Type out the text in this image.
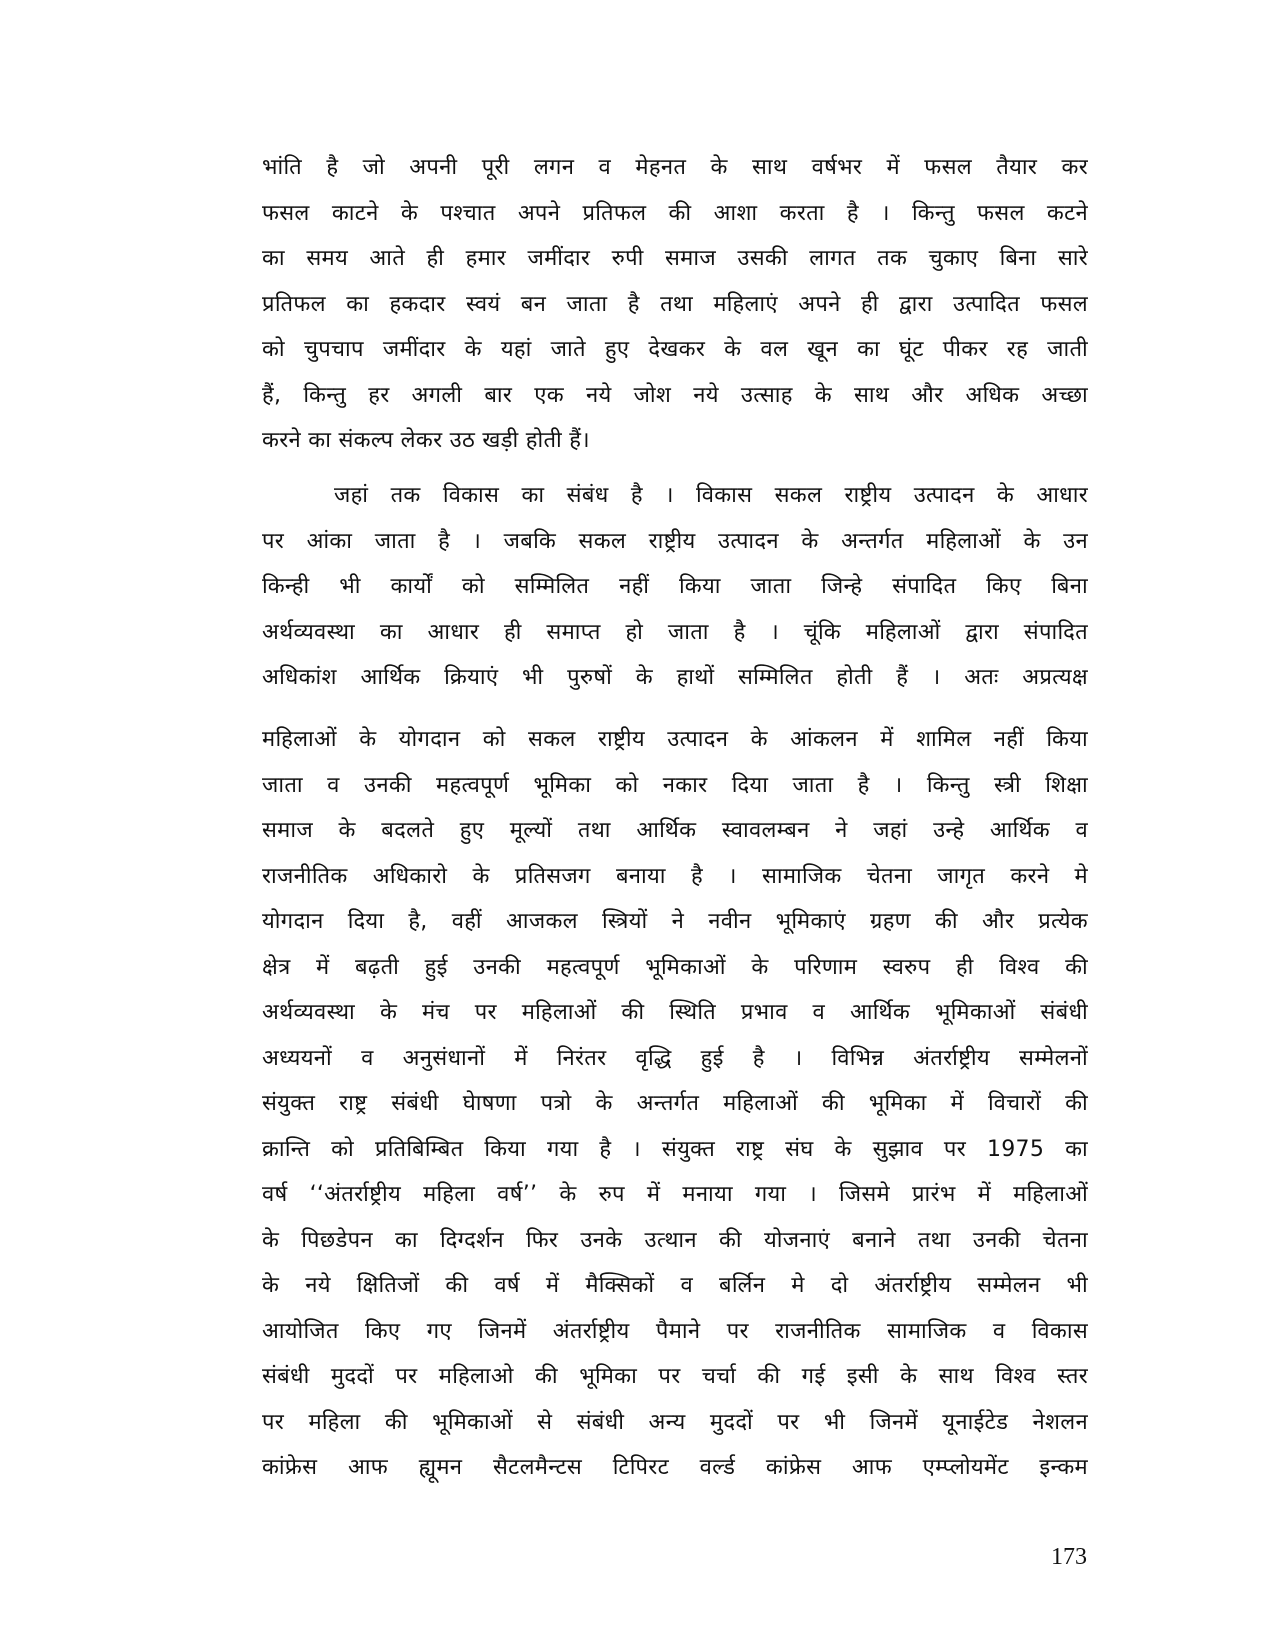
भांति है जो अपनी पूरी लगन व मेहनत के साथ वर्षभर में फसल तैयार कर
फसल काटने के पश्चात अपने प्रतिफल की आशा करता है । किन्तु फसल कटने
का समय आते ही हमार जमींदार रुपी समाज उसकी लागत तक चुकाए बिना सारे
प्रतिफल का हकदार स्वयं बन जाता है तथा महिलाएं अपने ही द्वारा उत्पादित फसल
को चुपचाप जमींदार के यहां जाते हुए देखकर के वल खून का घूंट पीकर रह जाती
हैं, किन्तु हर अगली बार एक नये जोश नये उत्साह के साथ और अधिक अच्छा
करने का संकल्प लेकर उठ खड़ी होती हैं।
जहां तक विकास का संबंध है । विकास सकल राष्ट्रीय उत्पादन के आधार
पर आंका जाता है । जबकि सकल राष्ट्रीय उत्पादन के अन्तर्गत महिलाओं के उन
किन्ही भी कार्यों को सम्मिलित नहीं किया जाता जिन्हे संपादित किए बिना
अर्थव्यवस्था का आधार ही समाप्त हो जाता है । चूंकि महिलाओं द्वारा संपादित
अधिकांश आर्थिक क्रियाएं भी पुरुषों के हाथों सम्मिलित होती हैं । अतः अप्रत्यक्ष
महिलाओं के योगदान को सकल राष्ट्रीय उत्पादन के आंकलन में शामिल नहीं किया
जाता व उनकी महत्वपूर्ण भूमिका को नकार दिया जाता है । किन्तु स्त्री शिक्षा
समाज के बदलते हुए मूल्यों तथा आर्थिक स्वावलम्बन ने जहां उन्हे आर्थिक व
राजनीतिक अधिकारो के प्रतिसजग बनाया है । सामाजिक चेतना जागृत करने मे
योगदान दिया है, वहीं आजकल स्त्रियों ने नवीन भूमिकाएं ग्रहण की और प्रत्येक
क्षेत्र में बढ़ती हुई उनकी महत्वपूर्ण भूमिकाओं के परिणाम स्वरुप ही विश्व की
अर्थव्यवस्था के मंच पर महिलाओं की स्थिति प्रभाव व आर्थिक भूमिकाओं संबंधी
अध्ययनों व अनुसंधानों में निरंतर वृद्धि हुई है । विभिन्न अंतर्राष्ट्रीय सम्मेलनों
संयुक्त राष्ट्र संबंधी घेाषणा पत्रो के अन्तर्गत महिलाओं की भूमिका में विचारों की
क्रान्ति को प्रतिबिम्बित किया गया है । संयुक्त राष्ट्र संघ के सुझाव पर 1975 का
वर्ष ‘‘अंतर्राष्ट्रीय महिला वर्ष’’ के रुप में मनाया गया । जिसमे प्रारंभ में महिलाओं
के पिछडेपन का दिग्दर्शन फिर उनके उत्थान की योजनाएं बनाने तथा उनकी चेतना
के नये क्षितिजों की वर्ष में मैक्सिकों व बर्लिन मे दो अंतर्राष्ट्रीय सम्मेलन भी
आयोजित किए गए जिनमें अंतर्राष्ट्रीय पैमाने पर राजनीतिक सामाजिक व विकास
संबंधी मुददों पर महिलाओ की भूमिका पर चर्चा की गई इसी के साथ विश्व स्तर
पर महिला की भूमिकाओं से संबंधी अन्य मुददों पर भी जिनमें यूनाईटेड नेशलन
कांफ्रेस आफ ह्यूमन सैटलमैन्टस टिपिरट वर्ल्ड कांफ्रेस आफ एम्प्लोयमेंट इन्कम
173
